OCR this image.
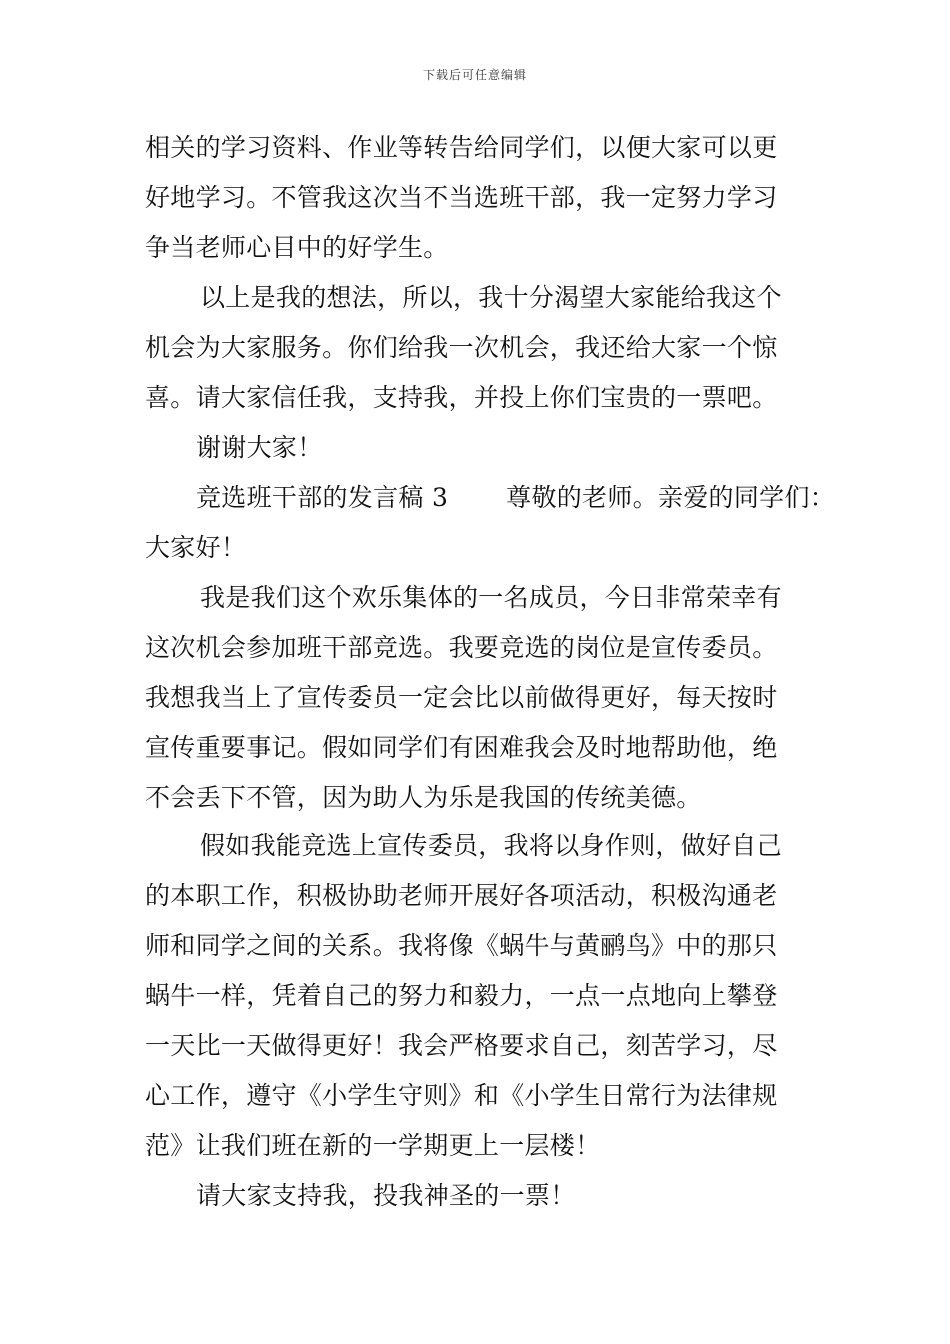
下载后可任意编辑
相关的学习资料、作业等转告给同学们，以便大家可以更
好地学习。不管我这次当不当选班干部，我一定努力学习
争当老师心目中的好学生。
以上是我的想法，所以，我十分渴望大家能给我这个
机会为大家服务。你们给我一次机会，我还给大家一个惊
喜。请大家信任我，支持我，并投上你们宝贵的一票吧。
谢谢大家！
竞选班干部的发言稿 3 尊敬的老师。亲爱的同学们：
大家好！
我是我们这个欢乐集体的一名成员，今日非常荣幸有
这次机会参加班干部竞选。我要竞选的岗位是宣传委员。
我想我当上了宣传委员一定会比以前做得更好，每天按时
宣传重要事记。假如同学们有困难我会及时地帮助他，绝
不会丢下不管，因为助人为乐是我国的传统美德。
假如我能竞选上宣传委员，我将以身作则，做好自己
的本职工作，积极协助老师开展好各项活动，积极沟通老
师和同学之间的关系。我将像《蜗牛与黄鹂鸟》中的那只
蜗牛一样，凭着自己的努力和毅力，一点一点地向上攀登
一天比一天做得更好！我会严格要求自己，刻苦学习，尽
心工作，遵守《小学生守则》和《小学生日常行为法律规
范》让我们班在新的一学期更上一层楼！
请大家支持我，投我神圣的一票！
